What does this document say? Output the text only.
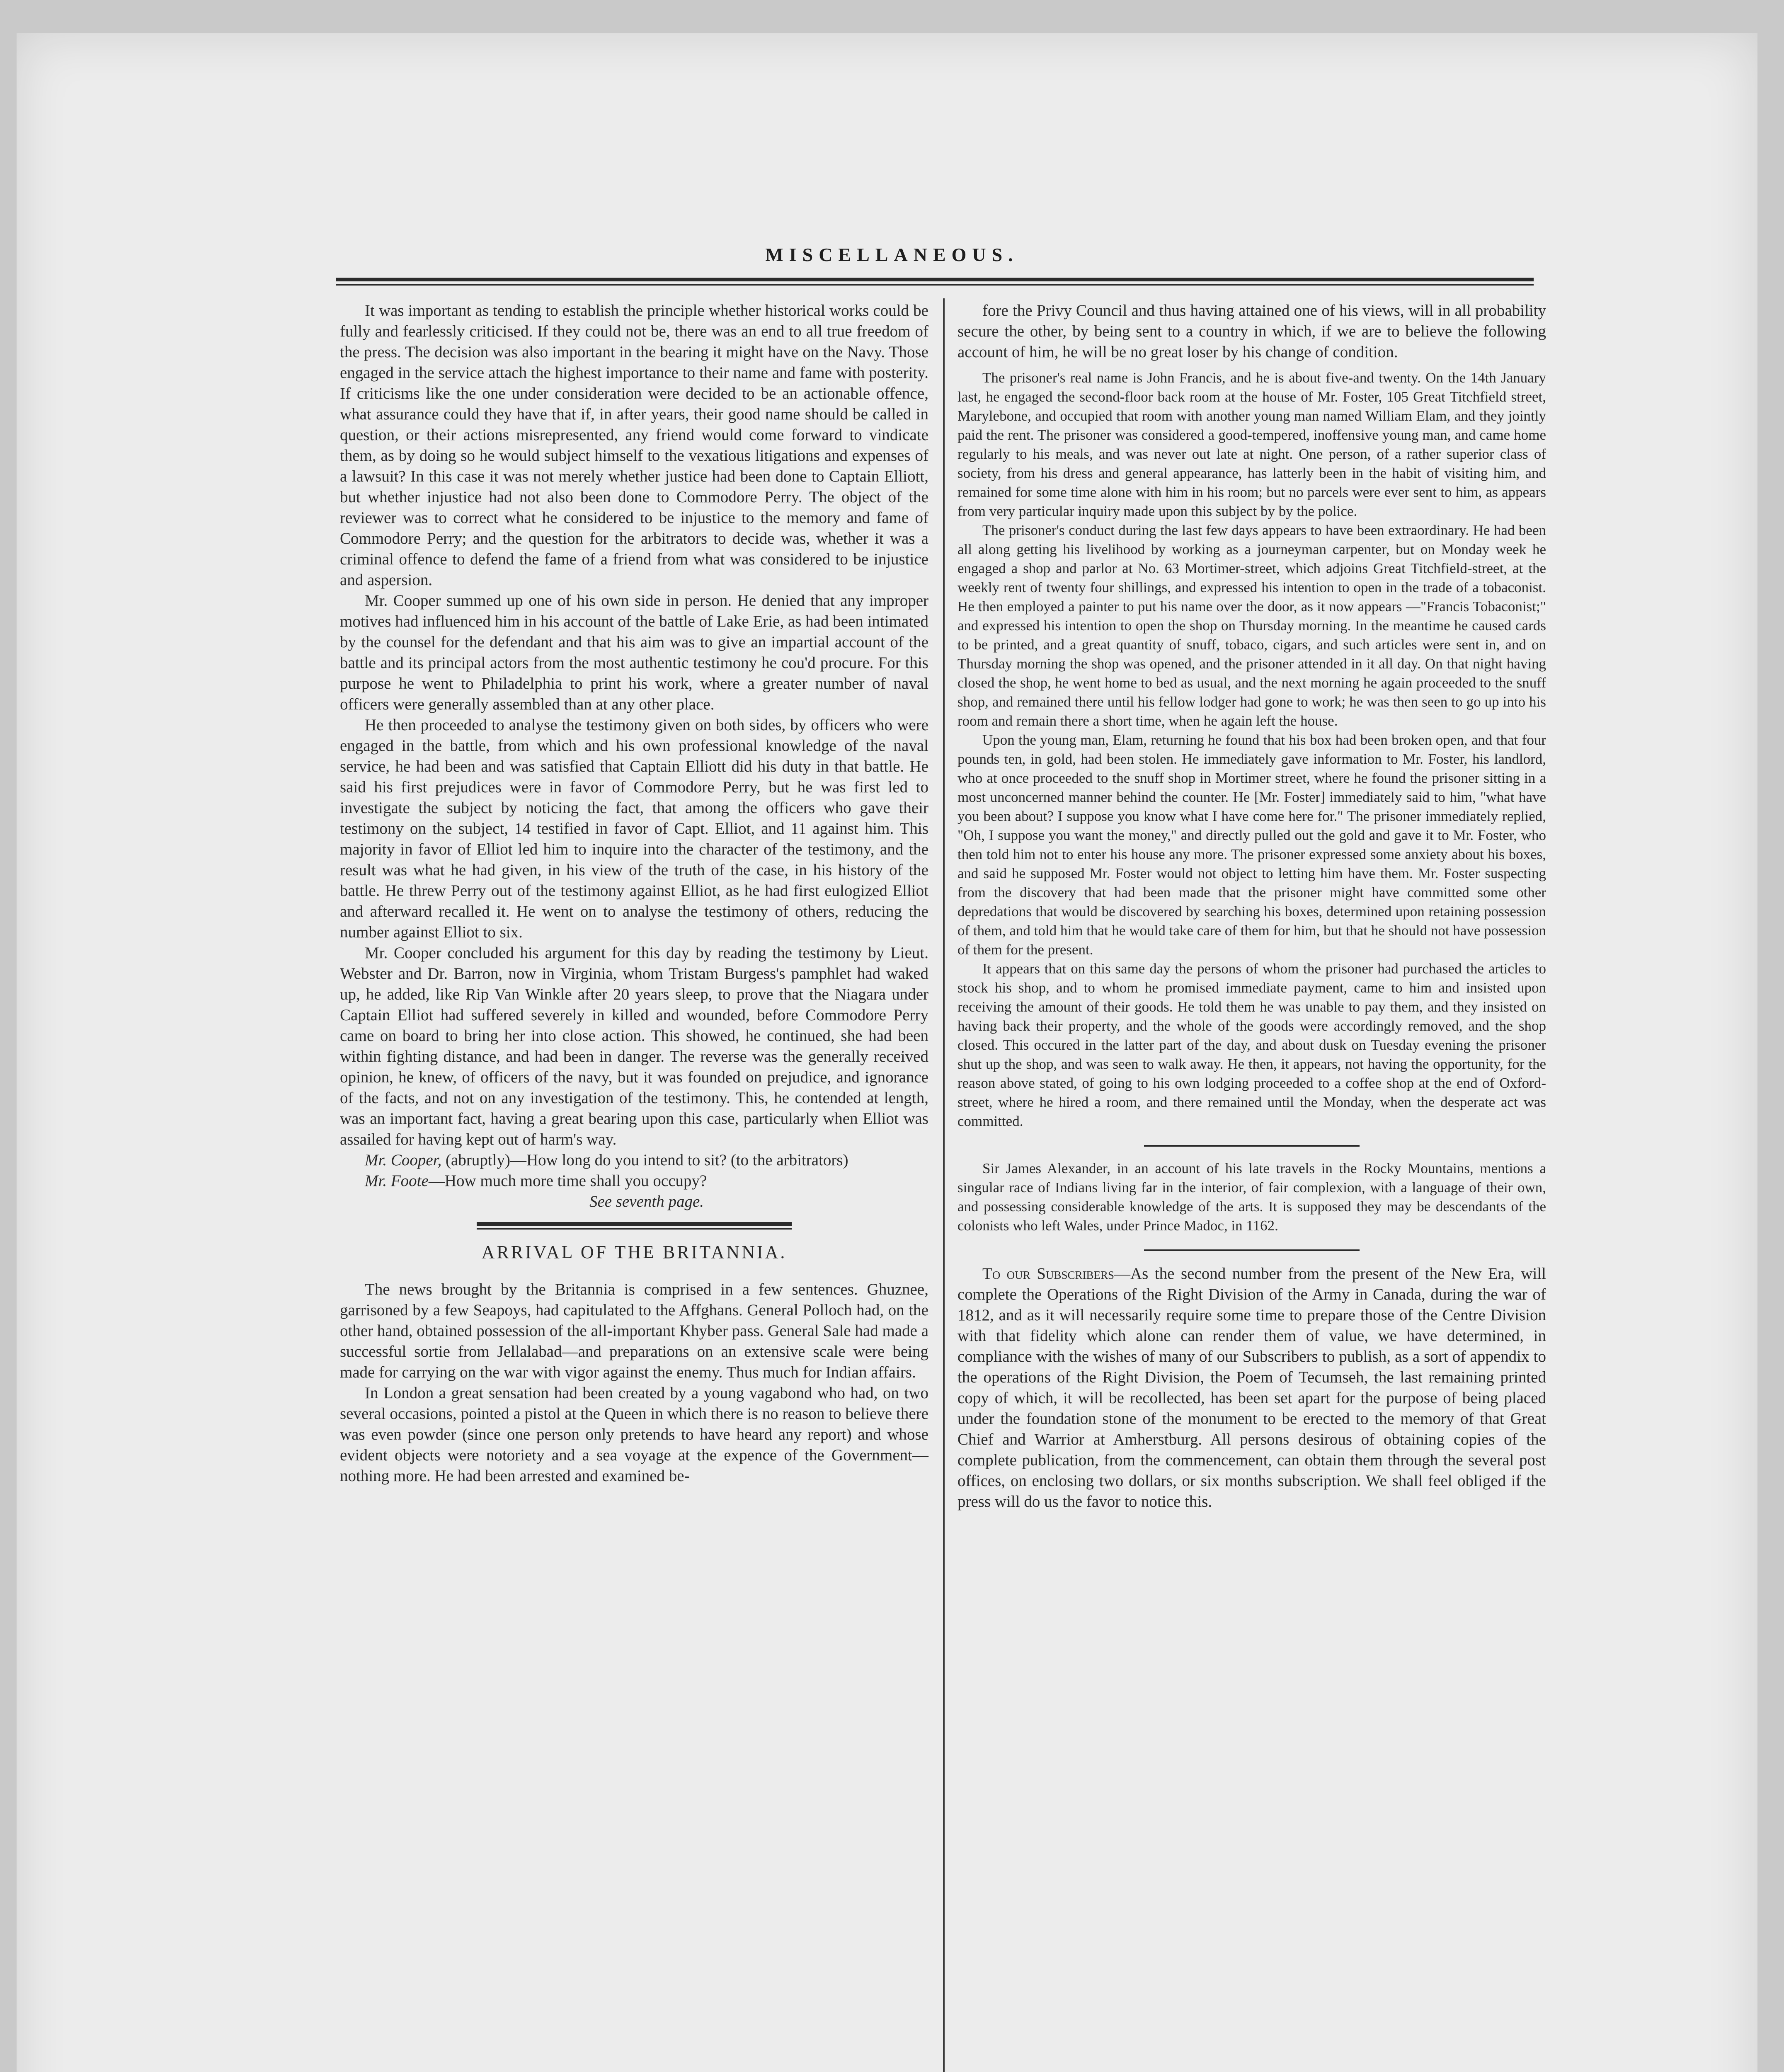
MISCELLANEOUS.

It was important as tending to establish the principle whether historical works could be fully and fearlessly criticised. If they could not be, there was an end to all true freedom of the press. The decision was also important in the bearing it might have on the Navy. Those engaged in the service attach the highest importance to their name and fame with posterity. If criticisms like the one under consideration were decided to be an actionable offence, what assurance could they have that if, in after years, their good name should be called in question, or their actions misrepresented, any friend would come forward to vindicate them, as by doing so he would subject himself to the vexatious litigations and expenses of a lawsuit? In this case it was not merely whether justice had been done to Captain Elliott, but whether injustice had not also been done to Commodore Perry. The object of the reviewer was to correct what he considered to be injustice to the memory and fame of Commodore Perry; and the question for the arbitrators to decide was, whether it was a criminal offence to defend the fame of a friend from what was considered to be injustice and aspersion.

Mr. Cooper summed up one of his own side in person. He denied that any improper motives had influenced him in his account of the battle of Lake Erie, as had been intimated by the counsel for the defendant and that his aim was to give an impartial account of the battle and its principal actors from the most authentic testimony he cou'd procure. For this purpose he went to Philadelphia to print his work, where a greater number of naval officers were generally assembled than at any other place.

He then proceeded to analyse the testimony given on both sides, by officers who were engaged in the battle, from which and his own professional knowledge of the naval service, he had been and was satisfied that Captain Elliott did his duty in that battle. He said his first prejudices were in favor of Commodore Perry, but he was first led to investigate the subject by noticing the fact, that among the officers who gave their testimony on the subject, 14 testified in favor of Capt. Elliot, and 11 against him. This majority in favor of Elliot led him to inquire into the character of the testimony, and the result was what he had given, in his view of the truth of the case, in his history of the battle. He threw Perry out of the testimony against Elliot, as he had first eulogized Elliot and afterward recalled it. He went on to analyse the testimony of others, reducing the number against Elliot to six.

Mr. Cooper concluded his argument for this day by reading the testimony by Lieut. Webster and Dr. Barron, now in Virginia, whom Tristam Burgess's pamphlet had waked up, he added, like Rip Van Winkle after 20 years sleep, to prove that the Niagara under Captain Elliot had suffered severely in killed and wounded, before Commodore Perry came on board to bring her into close action. This showed, he continued, she had been within fighting distance, and had been in danger. The reverse was the generally received opinion, he knew, of officers of the navy, but it was founded on prejudice, and ignorance of the facts, and not on any investigation of the testimony. This, he contended at length, was an important fact, having a great bearing upon this case, particularly when Elliot was assailed for having kept out of harm's way.

Mr. Cooper, (abruptly)—How long do you intend to sit? (to the arbitrators)

Mr. Foote—How much more time shall you occupy?

See seventh page.

ARRIVAL OF THE BRITANNIA.

The news brought by the Britannia is comprised in a few sentences. Ghuznee, garrisoned by a few Seapoys, had capitulated to the Affghans. General Polloch had, on the other hand, obtained possession of the all-important Khyber pass. General Sale had made a successful sortie from Jellalabad—and preparations on an extensive scale were being made for carrying on the war with vigor against the enemy. Thus much for Indian affairs.

In London a great sensation had been created by a young vagabond who had, on two several occasions, pointed a pistol at the Queen in which there is no reason to believe there was even powder (since one person only pretends to have heard any report) and whose evident objects were notoriety and a sea voyage at the expence of the Government—nothing more. He had been arrested and examined be-

fore the Privy Council and thus having attained one of his views, will in all probability secure the other, by being sent to a country in which, if we are to believe the following account of him, he will be no great loser by his change of condition.

The prisoner's real name is John Francis, and he is about five-and twenty. On the 14th January last, he engaged the second-floor back room at the house of Mr. Foster, 105 Great Titchfield street, Marylebone, and occupied that room with another young man named William Elam, and they jointly paid the rent. The prisoner was considered a good-tempered, inoffensive young man, and came home regularly to his meals, and was never out late at night. One person, of a rather superior class of society, from his dress and general appearance, has latterly been in the habit of visiting him, and remained for some time alone with him in his room; but no parcels were ever sent to him, as appears from very particular inquiry made upon this subject by by the police.

The prisoner's conduct during the last few days appears to have been extraordinary. He had been all along getting his livelihood by working as a journeyman carpenter, but on Monday week he engaged a shop and parlor at No. 63 Mortimer-street, which adjoins Great Titchfield-street, at the weekly rent of twenty four shillings, and expressed his intention to open in the trade of a tobaconist. He then employed a painter to put his name over the door, as it now appears —"Francis Tobaconist;" and expressed his intention to open the shop on Thursday morning. In the meantime he caused cards to be printed, and a great quantity of snuff, tobaco, cigars, and such articles were sent in, and on Thursday morning the shop was opened, and the prisoner attended in it all day. On that night having closed the shop, he went home to bed as usual, and the next morning he again proceeded to the snuff shop, and remained there until his fellow lodger had gone to work; he was then seen to go up into his room and remain there a short time, when he again left the house.

Upon the young man, Elam, returning he found that his box had been broken open, and that four pounds ten, in gold, had been stolen. He immediately gave information to Mr. Foster, his landlord, who at once proceeded to the snuff shop in Mortimer street, where he found the prisoner sitting in a most unconcerned manner behind the counter. He [Mr. Foster] immediately said to him, "what have you been about? I suppose you know what I have come here for." The prisoner immediately replied, "Oh, I suppose you want the money," and directly pulled out the gold and gave it to Mr. Foster, who then told him not to enter his house any more. The prisoner expressed some anxiety about his boxes, and said he supposed Mr. Foster would not object to letting him have them. Mr. Foster suspecting from the discovery that had been made that the prisoner might have committed some other depredations that would be discovered by searching his boxes, determined upon retaining possession of them, and told him that he would take care of them for him, but that he should not have possession of them for the present.

It appears that on this same day the persons of whom the prisoner had purchased the articles to stock his shop, and to whom he promised immediate payment, came to him and insisted upon receiving the amount of their goods. He told them he was unable to pay them, and they insisted on having back their property, and the whole of the goods were accordingly removed, and the shop closed. This occured in the latter part of the day, and about dusk on Tuesday evening the prisoner shut up the shop, and was seen to walk away. He then, it appears, not having the opportunity, for the reason above stated, of going to his own lodging proceeded to a coffee shop at the end of Oxford-street, where he hired a room, and there remained until the Monday, when the desperate act was committed.

Sir James Alexander, in an account of his late travels in the Rocky Mountains, mentions a singular race of Indians living far in the interior, of fair complexion, with a language of their own, and possessing considerable knowledge of the arts. It is supposed they may be descendants of the colonists who left Wales, under Prince Madoc, in 1162.

To our Subscribers—As the second number from the present of the New Era, will complete the Operations of the Right Division of the Army in Canada, during the war of 1812, and as it will necessarily require some time to prepare those of the Centre Division with that fidelity which alone can render them of value, we have determined, in compliance with the wishes of many of our Subscribers to publish, as a sort of appendix to the operations of the Right Division, the Poem of Tecumseh, the last remaining printed copy of which, it will be recollected, has been set apart for the purpose of being placed under the foundation stone of the monument to be erected to the memory of that Great Chief and Warrior at Amherstburg. All persons desirous of obtaining copies of the complete publication, from the commencement, can obtain them through the several post offices, on enclosing two dollars, or six months subscription. We shall feel obliged if the press will do us the favor to notice this.
